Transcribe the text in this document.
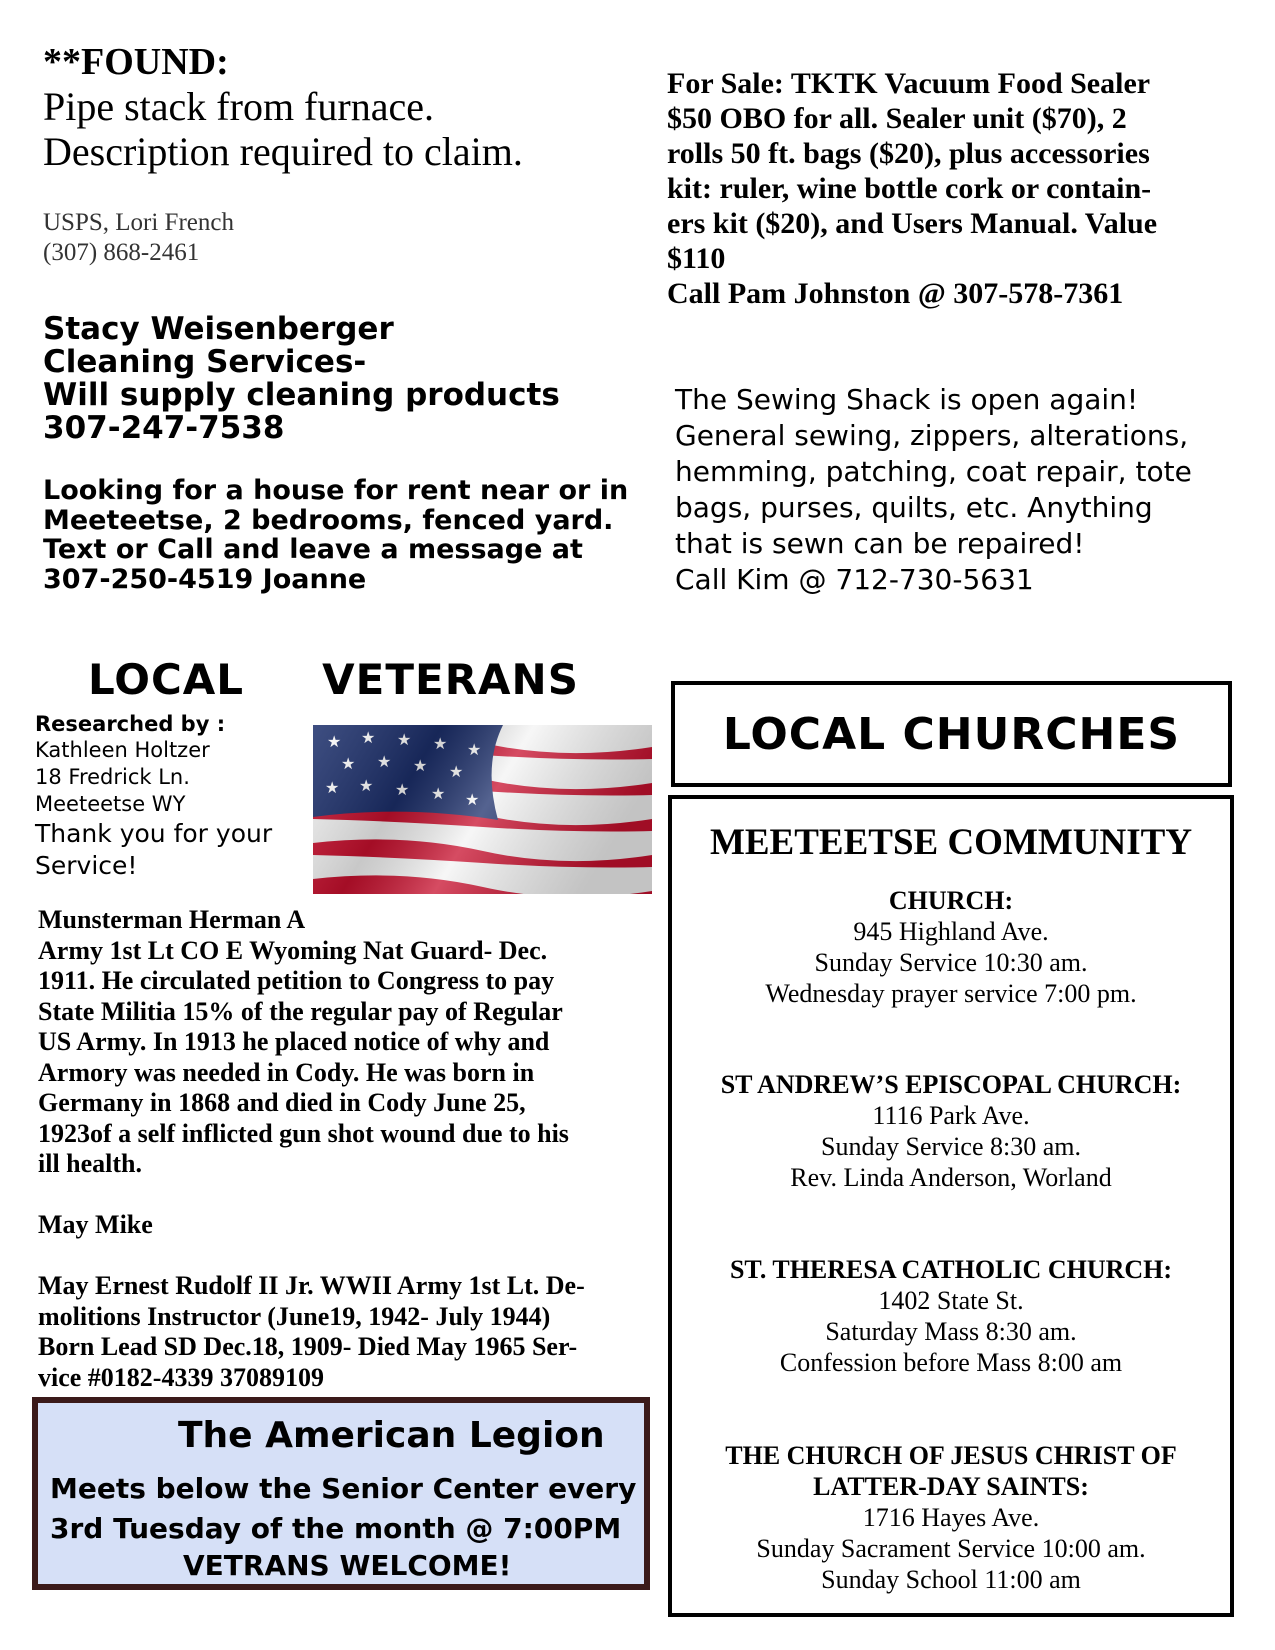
**FOUND:
Pipe stack from furnace.
Description required to claim.
USPS, Lori French
(307) 868-2461
For Sale: TKTK Vacuum Food Sealer
$50 OBO for all. Sealer unit ($70), 2
rolls 50 ft. bags ($20), plus accessories
kit: ruler, wine bottle cork or contain-
ers kit ($20), and Users Manual. Value
$110
Call Pam Johnston @ 307-578-7361
Stacy Weisenberger
Cleaning Services-
Will supply cleaning products
307-247-7538
Looking for a house for rent near or in
Meeteetse, 2 bedrooms, fenced yard.
Text or Call and leave a message at
307-250-4519 Joanne
The Sewing Shack is open again!
General sewing, zippers, alterations,
hemming, patching, coat repair, tote
bags, purses, quilts, etc. Anything
that is sewn can be repaired!
Call Kim @ 712-730-5631
LOCAL     VETERANS
Researched by :
Kathleen Holtzer
18 Fredrick Ln.
Meeteetse WY
Thank you for your
Service!
Munsterman Herman A
Army 1st Lt CO E Wyoming Nat Guard- Dec.
1911. He circulated petition to Congress to pay
State Militia 15% of the regular pay of Regular
US Army. In 1913 he placed notice of why and
Armory was needed in Cody. He was born in
Germany in 1868 and died in Cody June 25,
1923of a self inflicted gun shot wound due to his
ill health.
May Mike
May Ernest Rudolf II Jr. WWII Army 1st Lt. De-
molitions Instructor (June19, 1942- July 1944)
Born Lead SD Dec.18, 1909- Died May 1965 Ser-
vice #0182-4339 37089109
The American Legion
Meets below the Senior Center every
3rd Tuesday of the month @ 7:00PM
VETRANS WELCOME!
LOCAL CHURCHES
MEETEETSE COMMUNITY
CHURCH:
945 Highland Ave.
Sunday Service 10:30 am.
Wednesday prayer service 7:00 pm.
ST ANDREW’S EPISCOPAL CHURCH:
1116 Park Ave.
Sunday Service 8:30 am.
Rev. Linda Anderson, Worland
ST. THERESA CATHOLIC CHURCH:
1402 State St.
Saturday Mass 8:30 am.
Confession before Mass 8:00 am
THE CHURCH OF JESUS CHRIST OF
LATTER-DAY SAINTS:
1716 Hayes Ave.
Sunday Sacrament Service 10:00 am.
Sunday School 11:00 am
